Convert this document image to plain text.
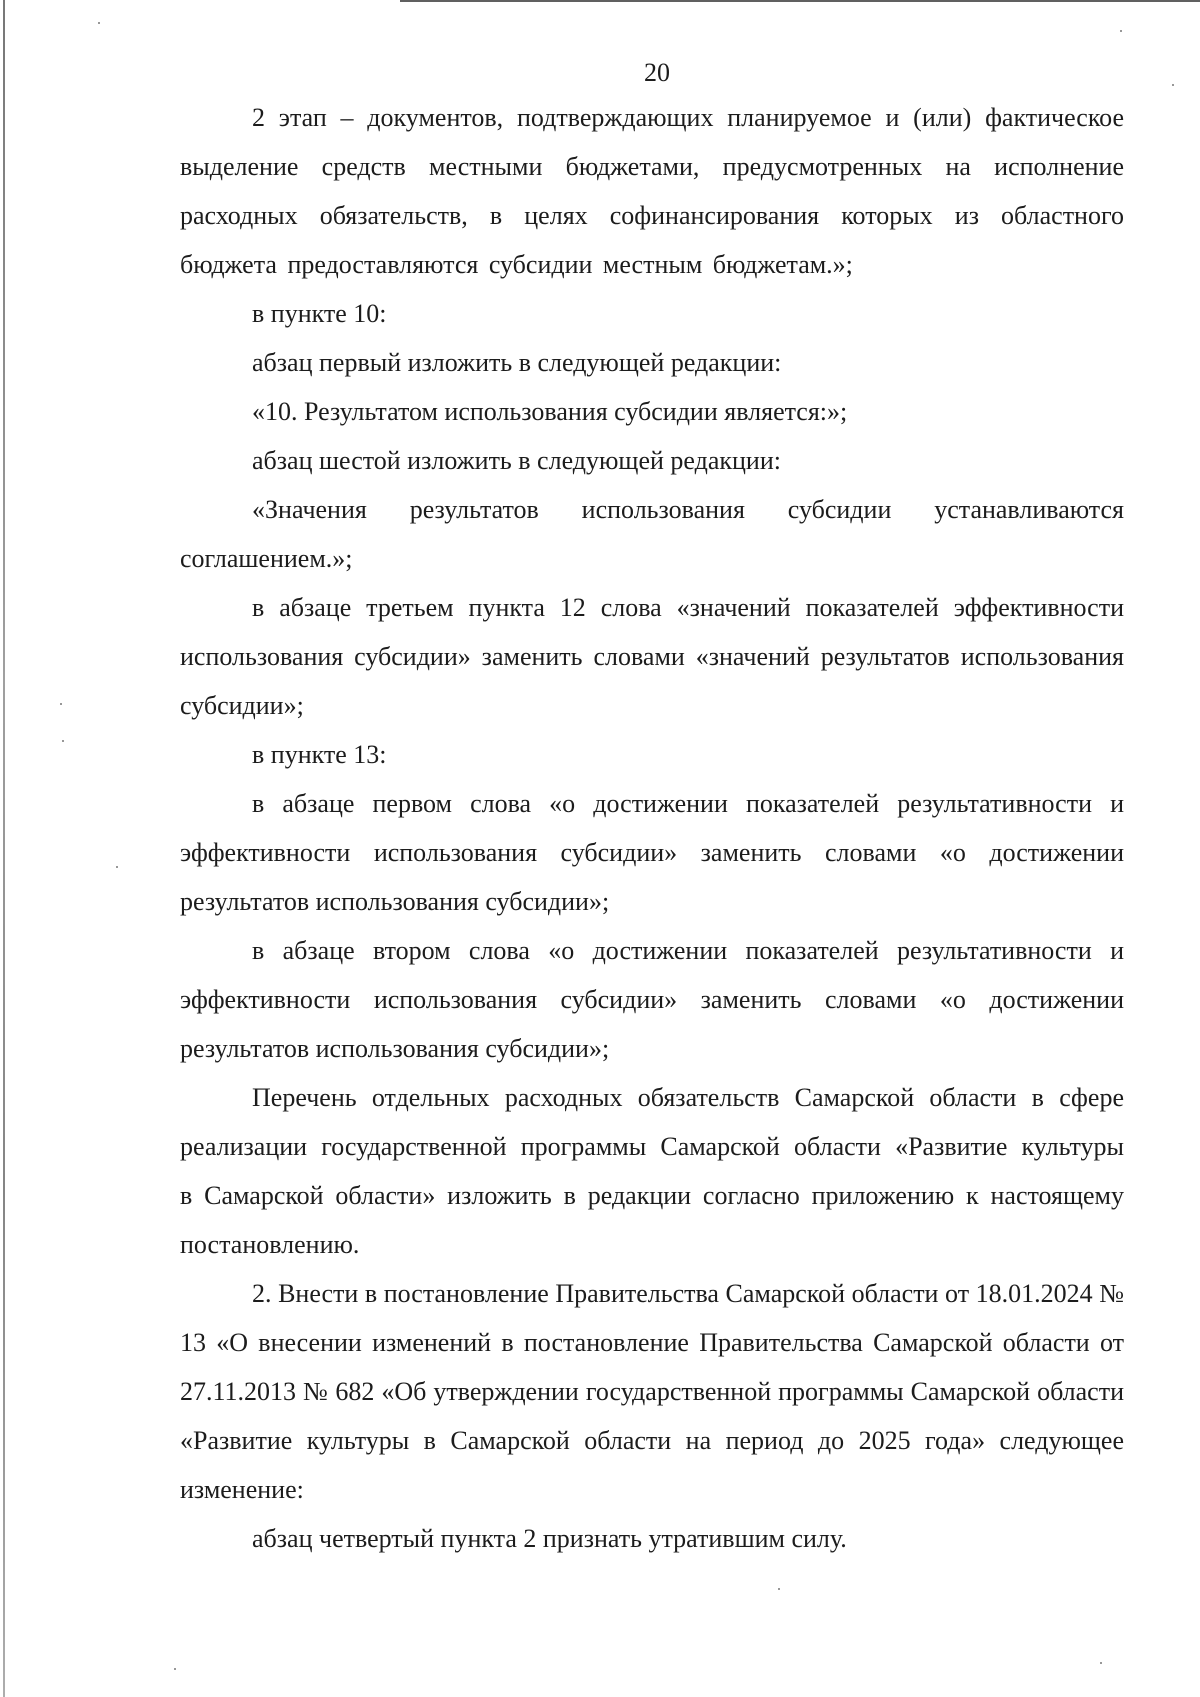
20

2 этап – документов, подтверждающих планируемое и (или) фактическое выделение средств местными бюджетами, предусмотренных на исполнение расходных обязательств, в целях софинансирования которых из областного бюджета предоставляются субсидии местным бюджетам.»;

в пункте 10:

абзац первый изложить в следующей редакции:

«10. Результатом использования субсидии является:»;

абзац шестой изложить в следующей редакции:

«Значения результатов использования субсидии устанавливаются соглашением.»;

в абзаце третьем пункта 12 слова «значений показателей эффективности использования субсидии» заменить словами «значений результатов использования субсидии»;

в пункте 13:

в абзаце первом слова «о достижении показателей результативности и эффективности использования субсидии» заменить словами «о достижении результатов использования субсидии»;

в абзаце втором слова «о достижении показателей результативности и эффективности использования субсидии» заменить словами «о достижении результатов использования субсидии»;

Перечень отдельных расходных обязательств Самарской области в сфере реализации государственной программы Самарской области «Развитие культуры в Самарской области» изложить в редакции согласно приложению к настоящему постановлению.

2. Внести в постановление Правительства Самарской области от 18.01.2024 № 13 «О внесении изменений в постановление Правительства Самарской области от 27.11.2013 № 682 «Об утверждении государственной программы Самарской области «Развитие культуры в Самарской области на период до 2025 года» следующее изменение:

абзац четвертый пункта 2 признать утратившим силу.
